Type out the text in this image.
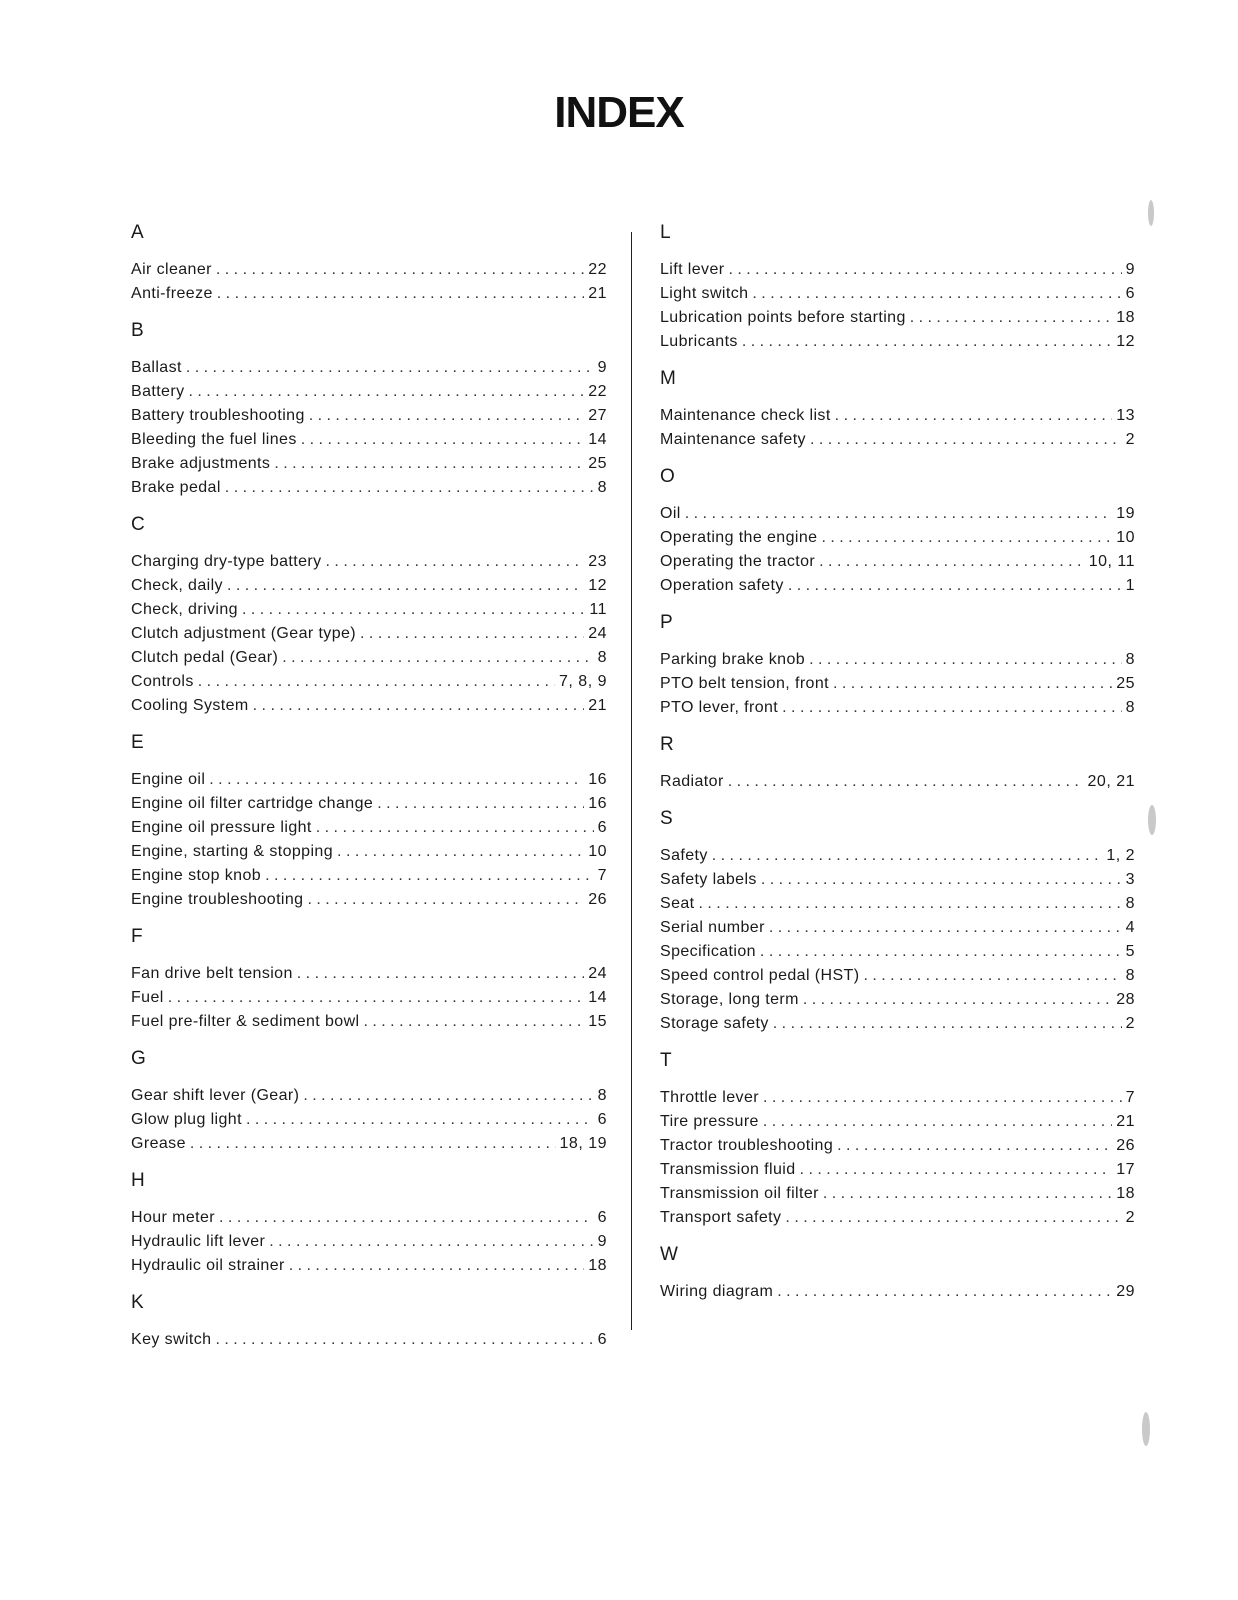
INDEX
A
Air cleaner . . .	22
Anti-freeze . . .	21
B
Ballast . . .	9
Battery . . .	22
Battery troubleshooting . . .	27
Bleeding the fuel lines . . .	14
Brake adjustments . . .	25
Brake pedal . . .	8
C
Charging dry-type battery . . .	23
Check, daily . . .	12
Check, driving . . .	11
Clutch adjustment (Gear type) . . .	24
Clutch pedal (Gear) . . .	8
Controls . . .	7, 8, 9
Cooling System . . .	21
E
Engine oil . . .	16
Engine oil filter cartridge change . . .	16
Engine oil pressure light . . .	6
Engine, starting & stopping . . .	10
Engine stop knob . . .	7
Engine troubleshooting . . .	26
F
Fan drive belt tension . . .	24
Fuel . . .	14
Fuel pre-filter & sediment bowl . . .	15
G
Gear shift lever (Gear) . . .	8
Glow plug light . . .	6
Grease . . .	18, 19
H
Hour meter . . .	6
Hydraulic lift lever . . .	9
Hydraulic oil strainer . . .	18
K
Key switch . . .	6
L
Lift lever . . .	9
Light switch . . .	6
Lubrication points before starting . . .	18
Lubricants . . .	12
M
Maintenance check list . . .	13
Maintenance safety . . .	2
O
Oil . . .	19
Operating the engine . . .	10
Operating the tractor . . .	10, 11
Operation safety . . .	1
P
Parking brake knob . . .	8
PTO belt tension, front . . .	25
PTO lever, front . . .	8
R
Radiator . . .	20, 21
S
Safety . . .	1, 2
Safety labels . . .	3
Seat . . .	8
Serial number . . .	4
Specification . . .	5
Speed control pedal (HST) . . .	8
Storage, long term . . .	28
Storage safety . . .	2
T
Throttle lever . . .	7
Tire pressure . . .	21
Tractor troubleshooting . . .	26
Transmission fluid . . .	17
Transmission oil filter . . .	18
Transport safety . . .	2
W
Wiring diagram . . .	29
